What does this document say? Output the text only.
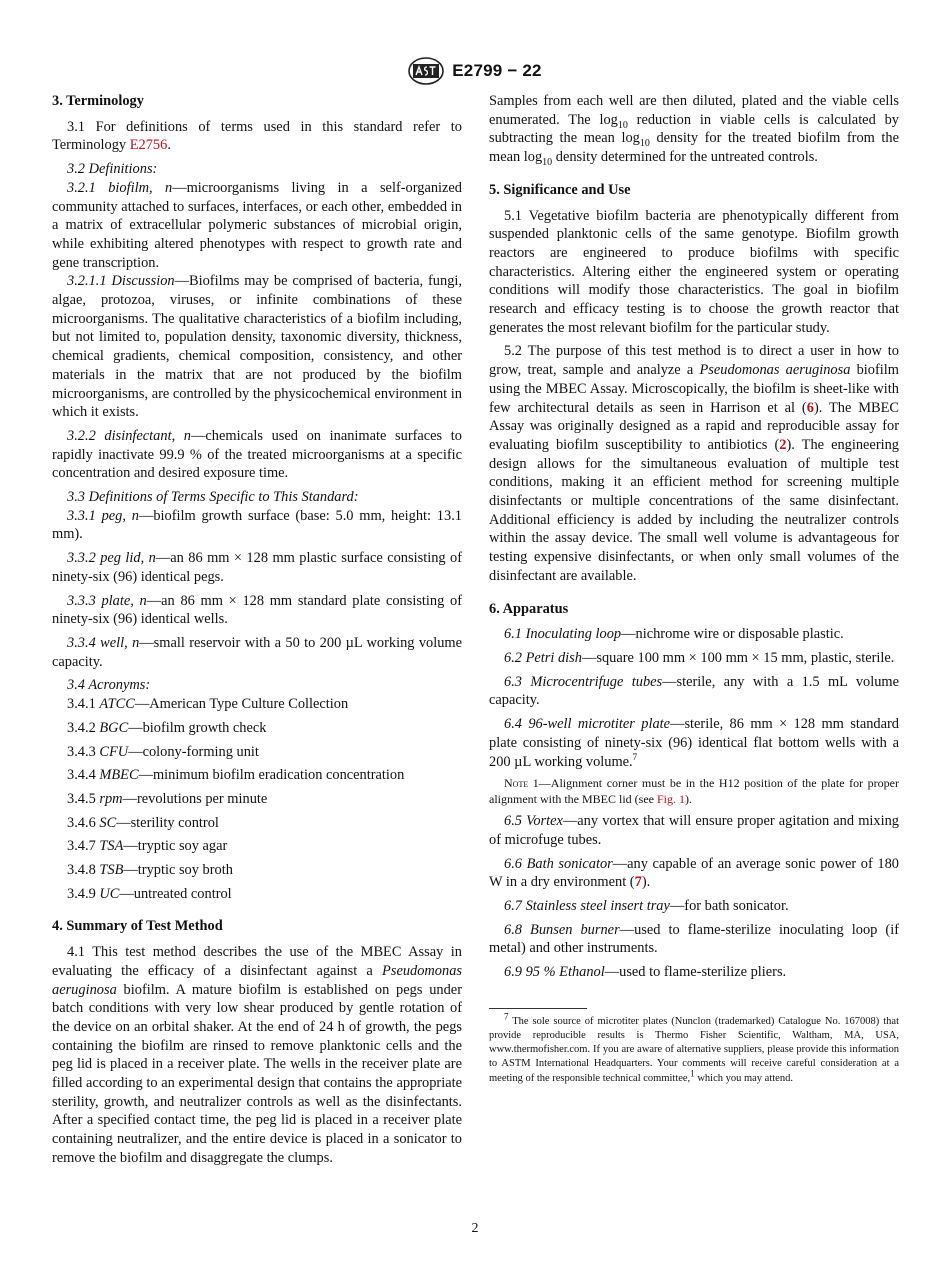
E2799 − 22
3. Terminology

3.1 For definitions of terms used in this standard refer to Terminology E2756.

3.2 Definitions:

3.2.1 biofilm, n—microorganisms living in a self-organized community attached to surfaces, interfaces, or each other, embedded in a matrix of extracellular polymeric substances of microbial origin, while exhibiting altered phenotypes with respect to growth rate and gene transcription.

3.2.1.1 Discussion—Biofilms may be comprised of bacteria, fungi, algae, protozoa, viruses, or infinite combinations of these microorganisms. The qualitative characteristics of a biofilm including, but not limited to, population density, taxonomic diversity, thickness, chemical gradients, chemical composition, consistency, and other materials in the matrix that are not produced by the biofilm microorganisms, are controlled by the physicochemical environment in which it exists.

3.2.2 disinfectant, n—chemicals used on inanimate surfaces to rapidly inactivate 99.9 % of the treated microorganisms at a specific concentration and desired exposure time.

3.3 Definitions of Terms Specific to This Standard:

3.3.1 peg, n—biofilm growth surface (base: 5.0 mm, height: 13.1 mm).

3.3.2 peg lid, n—an 86 mm × 128 mm plastic surface consisting of ninety-six (96) identical pegs.

3.3.3 plate, n—an 86 mm × 128 mm standard plate consisting of ninety-six (96) identical wells.

3.3.4 well, n—small reservoir with a 50 to 200 µL working volume capacity.

3.4 Acronyms:

3.4.1 ATCC—American Type Culture Collection

3.4.2 BGC—biofilm growth check

3.4.3 CFU—colony-forming unit

3.4.4 MBEC—minimum biofilm eradication concentration

3.4.5 rpm—revolutions per minute

3.4.6 SC—sterility control

3.4.7 TSA—tryptic soy agar

3.4.8 TSB—tryptic soy broth

3.4.9 UC—untreated control

4. Summary of Test Method

4.1 This test method describes the use of the MBEC Assay in evaluating the efficacy of a disinfectant against a Pseudomonas aeruginosa biofilm. A mature biofilm is established on pegs under batch conditions with very low shear produced by gentle rotation of the device on an orbital shaker. At the end of 24 h of growth, the pegs containing the biofilm are rinsed to remove planktonic cells and the peg lid is placed in a receiver plate. The wells in the receiver plate are filled according to an experimental design that contains the appropriate sterility, growth, and neutralizer controls as well as the disinfectants. After a specified contact time, the peg lid is placed in a receiver plate containing neutralizer, and the entire device is placed in a sonicator to remove the biofilm and disaggregate the clumps.

Samples from each well are then diluted, plated and the viable cells enumerated. The $\log_{10}$ reduction in viable cells is calculated by subtracting the mean $\log_{10}$ density for the treated biofilm from the mean $\log_{10}$ density determined for the untreated controls.

5. Significance and Use

5.1 Vegetative biofilm bacteria are phenotypically different from suspended planktonic cells of the same genotype. Biofilm growth reactors are engineered to produce biofilms with specific characteristics. Altering either the engineered system or operating conditions will modify those characteristics. The goal in biofilm research and efficacy testing is to choose the growth reactor that generates the most relevant biofilm for the particular study.

5.2 The purpose of this test method is to direct a user in how to grow, treat, sample and analyze a Pseudomonas aeruginosa biofilm using the MBEC Assay. Microscopically, the biofilm is sheet-like with few architectural details as seen in Harrison et al (6). The MBEC Assay was originally designed as a rapid and reproducible assay for evaluating biofilm susceptibility to antibiotics (2). The engineering design allows for the simultaneous evaluation of multiple test conditions, making it an efficient method for screening multiple disinfectants or multiple concentrations of the same disinfectant. Additional efficiency is added by including the neutralizer controls within the assay device. The small well volume is advantageous for testing expensive disinfectants, or when only small volumes of the disinfectant are available.

6. Apparatus

6.1 Inoculating loop—nichrome wire or disposable plastic.

6.2 Petri dish—square 100 mm × 100 mm × 15 mm, plastic, sterile.

6.3 Microcentrifuge tubes—sterile, any with a 1.5 mL volume capacity.

6.4 96-well microtiter plate—sterile, 86 mm × 128 mm standard plate consisting of ninety-six (96) identical flat bottom wells with a 200 µL working volume.$^7$

Note 1—Alignment corner must be in the H12 position of the plate for proper alignment with the MBEC lid (see Fig. 1).

6.5 Vortex—any vortex that will ensure proper agitation and mixing of microfuge tubes.

6.6 Bath sonicator—any capable of an average sonic power of 180 W in a dry environment (7).

6.7 Stainless steel insert tray—for bath sonicator.

6.8 Bunsen burner—used to flame-sterilize inoculating loop (if metal) and other instruments.

6.9 95 % Ethanol—used to flame-sterilize pliers.

$^7$ The sole source of microtiter plates (Nunclon (trademarked) Catalogue No. 167008) that provide reproducible results is Thermo Fisher Scientific, Waltham, MA, USA, www.thermofisher.com. If you are aware of alternative suppliers, please provide this information to ASTM International Headquarters. Your comments will receive careful consideration at a meeting of the responsible technical committee,$^1$ which you may attend.

2
